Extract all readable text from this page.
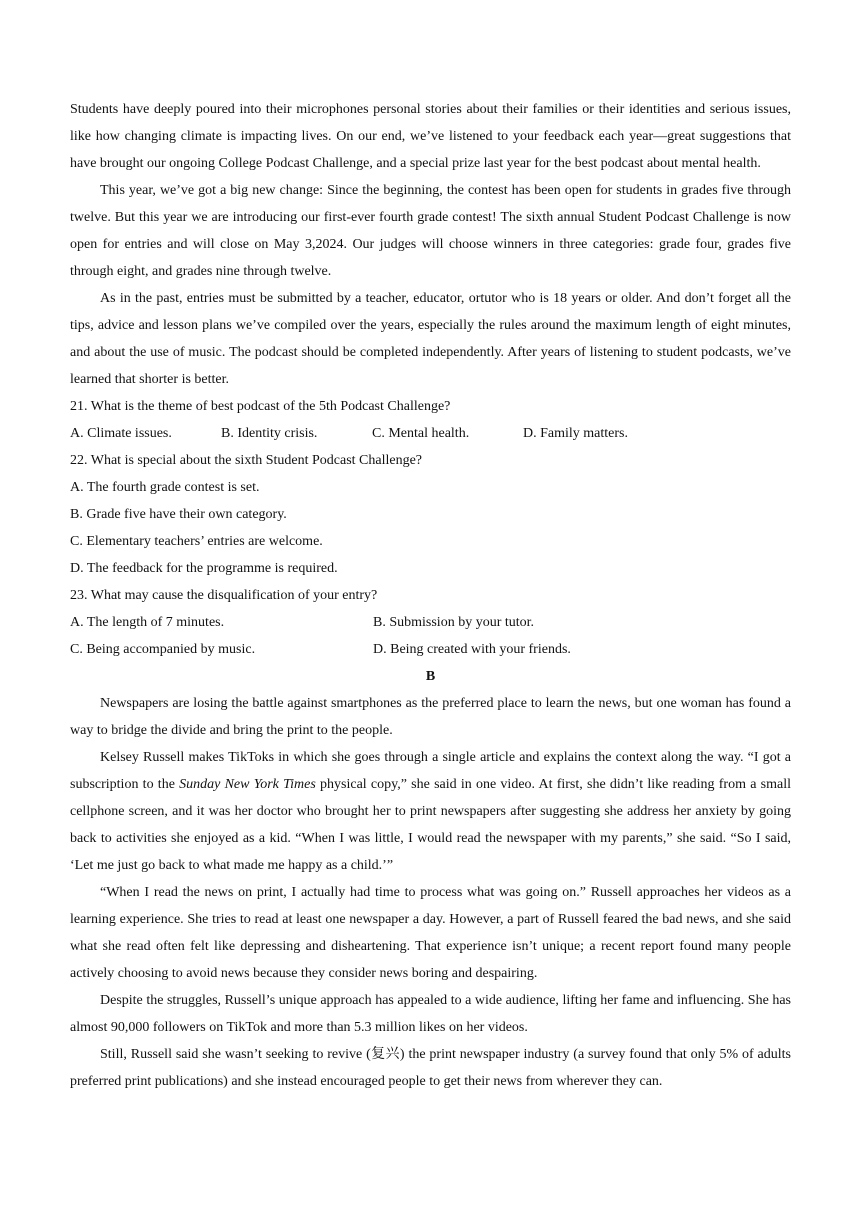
Students have deeply poured into their microphones personal stories about their families or their identities and serious issues, like how changing climate is impacting lives. On our end, we’ve listened to your feedback each year—great suggestions that have brought our ongoing College Podcast Challenge, and a special prize last year for the best podcast about mental health.

This year, we’ve got a big new change: Since the beginning, the contest has been open for students in grades five through twelve. But this year we are introducing our first-ever fourth grade contest! The sixth annual Student Podcast Challenge is now open for entries and will close on May 3,2024. Our judges will choose winners in three categories: grade four, grades five through eight, and grades nine through twelve.

As in the past, entries must be submitted by a teacher, educator, ortutor who is 18 years or older. And don’t forget all the tips, advice and lesson plans we’ve compiled over the years, especially the rules around the maximum length of eight minutes, and about the use of music. The podcast should be completed independently. After years of listening to student podcasts, we’ve learned that shorter is better.

21. What is the theme of best podcast of the 5th Podcast Challenge?
A. Climate issues.	B. Identity crisis.	C. Mental health.	D. Family matters.
22. What is special about the sixth Student Podcast Challenge?
A. The fourth grade contest is set.
B. Grade five have their own category.
C. Elementary teachers’ entries are welcome.
D. The feedback for the programme is required.
23. What may cause the disqualification of your entry?
A. The length of 7 minutes.	B. Submission by your tutor.
C. Being accompanied by music.	D. Being created with your friends.
B

Newspapers are losing the battle against smartphones as the preferred place to learn the news, but one woman has found a way to bridge the divide and bring the print to the people.

Kelsey Russell makes TikToks in which she goes through a single article and explains the context along the way. “I got a subscription to the Sunday New York Times physical copy,” she said in one video. At first, she didn’t like reading from a small cellphone screen, and it was her doctor who brought her to print newspapers after suggesting she address her anxiety by going back to activities she enjoyed as a kid. “When I was little, I would read the newspaper with my parents,” she said. “So I said, ‘Let me just go back to what made me happy as a child.’”

“When I read the news on print, I actually had time to process what was going on.” Russell approaches her videos as a learning experience. She tries to read at least one newspaper a day. However, a part of Russell feared the bad news, and she said what she read often felt like depressing and disheartening. That experience isn’t unique; a recent report found many people actively choosing to avoid news because they consider news boring and despairing.

Despite the struggles, Russell’s unique approach has appealed to a wide audience, lifting her fame and influencing. She has almost 90,000 followers on TikTok and more than 5.3 million likes on her videos.

Still, Russell said she wasn’t seeking to revive (复兴) the print newspaper industry (a survey found that only 5% of adults preferred print publications) and she instead encouraged people to get their news from wherever they can.
